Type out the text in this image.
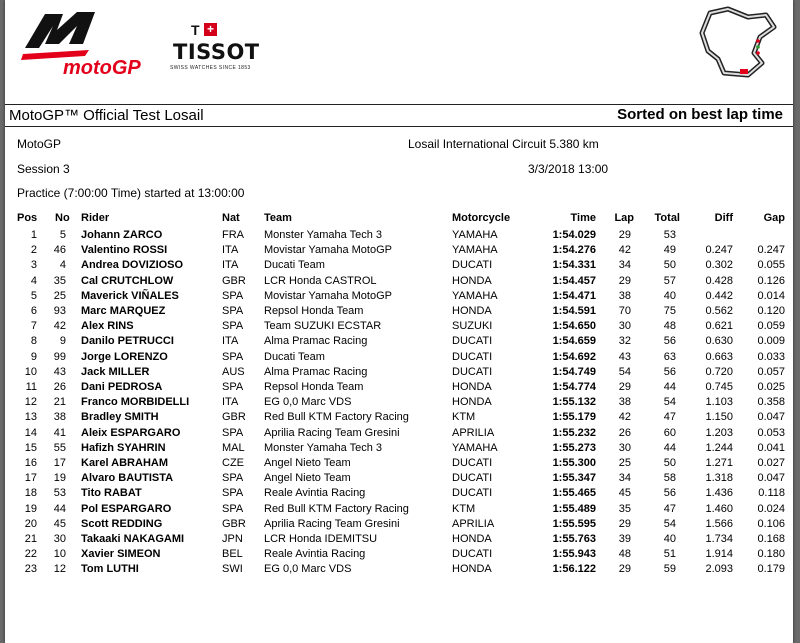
motoGP
T +
TISSOT
SWISS WATCHES SINCE 1853
MotoGP™ Official Test Losail	Sorted on best lap time
MotoGP	Losail International Circuit 5.380 km
Session 3	3/3/2018 13:00
Practice (7:00:00 Time) started at 13:00:00
Pos No Rider	Nat Team	Motorcycle	Time Lap Total	Diff	Gap
1 5 Johann ZARCO	FRA Monster Yamaha Tech 3	YAMAHA	1:54.029 29	53
2 46 Valentino ROSSI	ITA Movistar Yamaha MotoGP	YAMAHA	1:54.276 42	49	0.247 0.247
3 4 Andrea DOVIZIOSO	ITA Ducati Team	DUCATI	1:54.331 34	50	0.302 0.055
4 35 Cal CRUTCHLOW	GBR LCR Honda CASTROL	HONDA	1:54.457 29	57	0.428 0.126
5 25 Maverick VIÑALES	SPA Movistar Yamaha MotoGP	YAMAHA	1:54.471 38	40	0.442 0.014
6 93 Marc MARQUEZ	SPA Repsol Honda Team	HONDA	1:54.591 70	75	0.562 0.120
7 42 Alex RINS	SPA Team SUZUKI ECSTAR	SUZUKI	1:54.650 30	48	0.621 0.059
8 9 Danilo PETRUCCI	ITA Alma Pramac Racing	DUCATI	1:54.659 32	56	0.630 0.009
9 99 Jorge LORENZO	SPA Ducati Team	DUCATI	1:54.692 43	63	0.663 0.033
10 43 Jack MILLER	AUS Alma Pramac Racing	DUCATI	1:54.749 54	56	0.720 0.057
11 26 Dani PEDROSA	SPA Repsol Honda Team	HONDA	1:54.774 29	44	0.745 0.025
12 21 Franco MORBIDELLI	ITA EG 0,0 Marc VDS	HONDA	1:55.132 38	54	1.103 0.358
13 38 Bradley SMITH	GBR Red Bull KTM Factory Racing	KTM	1:55.179 42	47	1.150 0.047
14 41 Aleix ESPARGARO	SPA Aprilia Racing Team Gresini	APRILIA	1:55.232 26	60	1.203 0.053
15 55 Hafizh SYAHRIN	MAL Monster Yamaha Tech 3	YAMAHA	1:55.273 30	44	1.244 0.041
16 17 Karel ABRAHAM	CZE Angel Nieto Team	DUCATI	1:55.300 25	50	1.271 0.027
17 19 Alvaro BAUTISTA	SPA Angel Nieto Team	DUCATI	1:55.347 34	58	1.318 0.047
18 53 Tito RABAT	SPA Reale Avintia Racing	DUCATI	1:55.465 45	56	1.436 0.118
19 44 Pol ESPARGARO	SPA Red Bull KTM Factory Racing	KTM	1:55.489 35	47	1.460 0.024
20 45 Scott REDDING	GBR Aprilia Racing Team Gresini	APRILIA	1:55.595 29	54	1.566 0.106
21 30 Takaaki NAKAGAMI	JPN LCR Honda IDEMITSU	HONDA	1:55.763 39	40	1.734 0.168
22 10 Xavier SIMEON	BEL Reale Avintia Racing	DUCATI	1:55.943 48	51	1.914 0.180
23 12 Tom LUTHI	SWI EG 0,0 Marc VDS	HONDA	1:56.122 29	59	2.093 0.179
